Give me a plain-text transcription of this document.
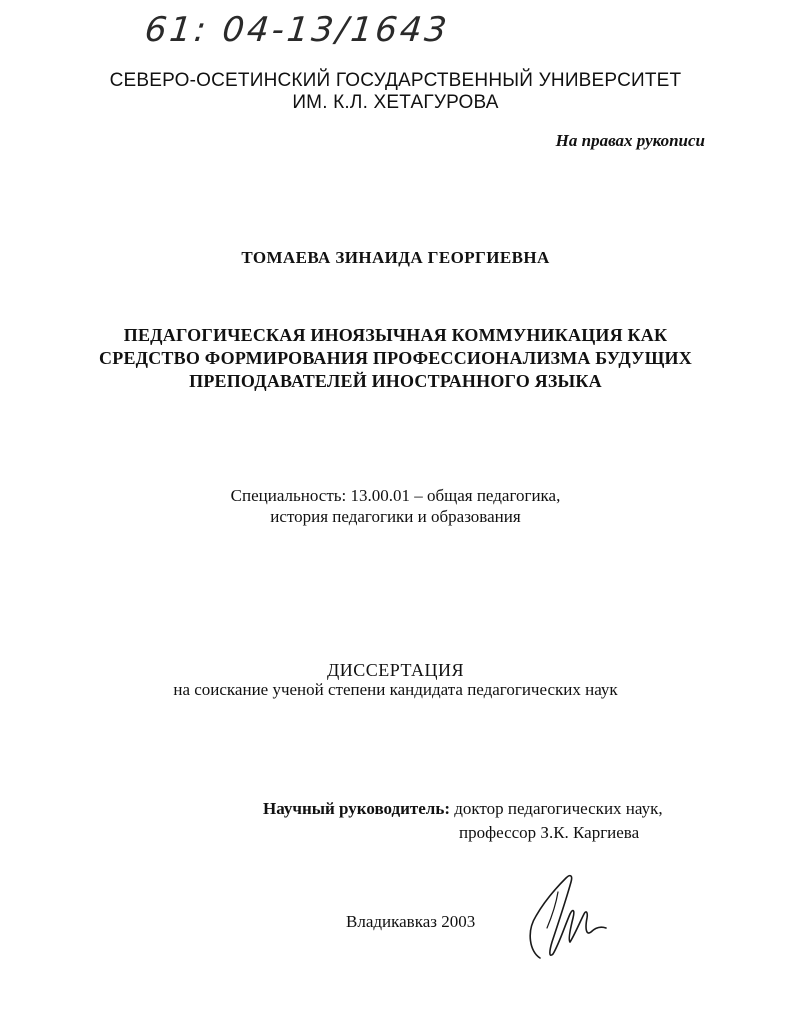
61: 04-13/1643
СЕВЕРО-ОСЕТИНСКИЙ ГОСУДАРСТВЕННЫЙ УНИВЕРСИТЕТ
ИМ. К.Л. ХЕТАГУРОВА
На правах рукописи
ТОМАЕВА ЗИНАИДА ГЕОРГИЕВНА
ПЕДАГОГИЧЕСКАЯ ИНОЯЗЫЧНАЯ КОММУНИКАЦИЯ КАК
СРЕДСТВО ФОРМИРОВАНИЯ ПРОФЕССИОНАЛИЗМА БУДУЩИХ
ПРЕПОДАВАТЕЛЕЙ ИНОСТРАННОГО ЯЗЫКА
Специальность: 13.00.01 – общая педагогика,
история педагогики и образования
ДИССЕРТАЦИЯ
на соискание ученой степени кандидата педагогических наук
Научный руководитель: доктор педагогических наук,
профессор З.К. Каргиева
Владикавказ 2003
